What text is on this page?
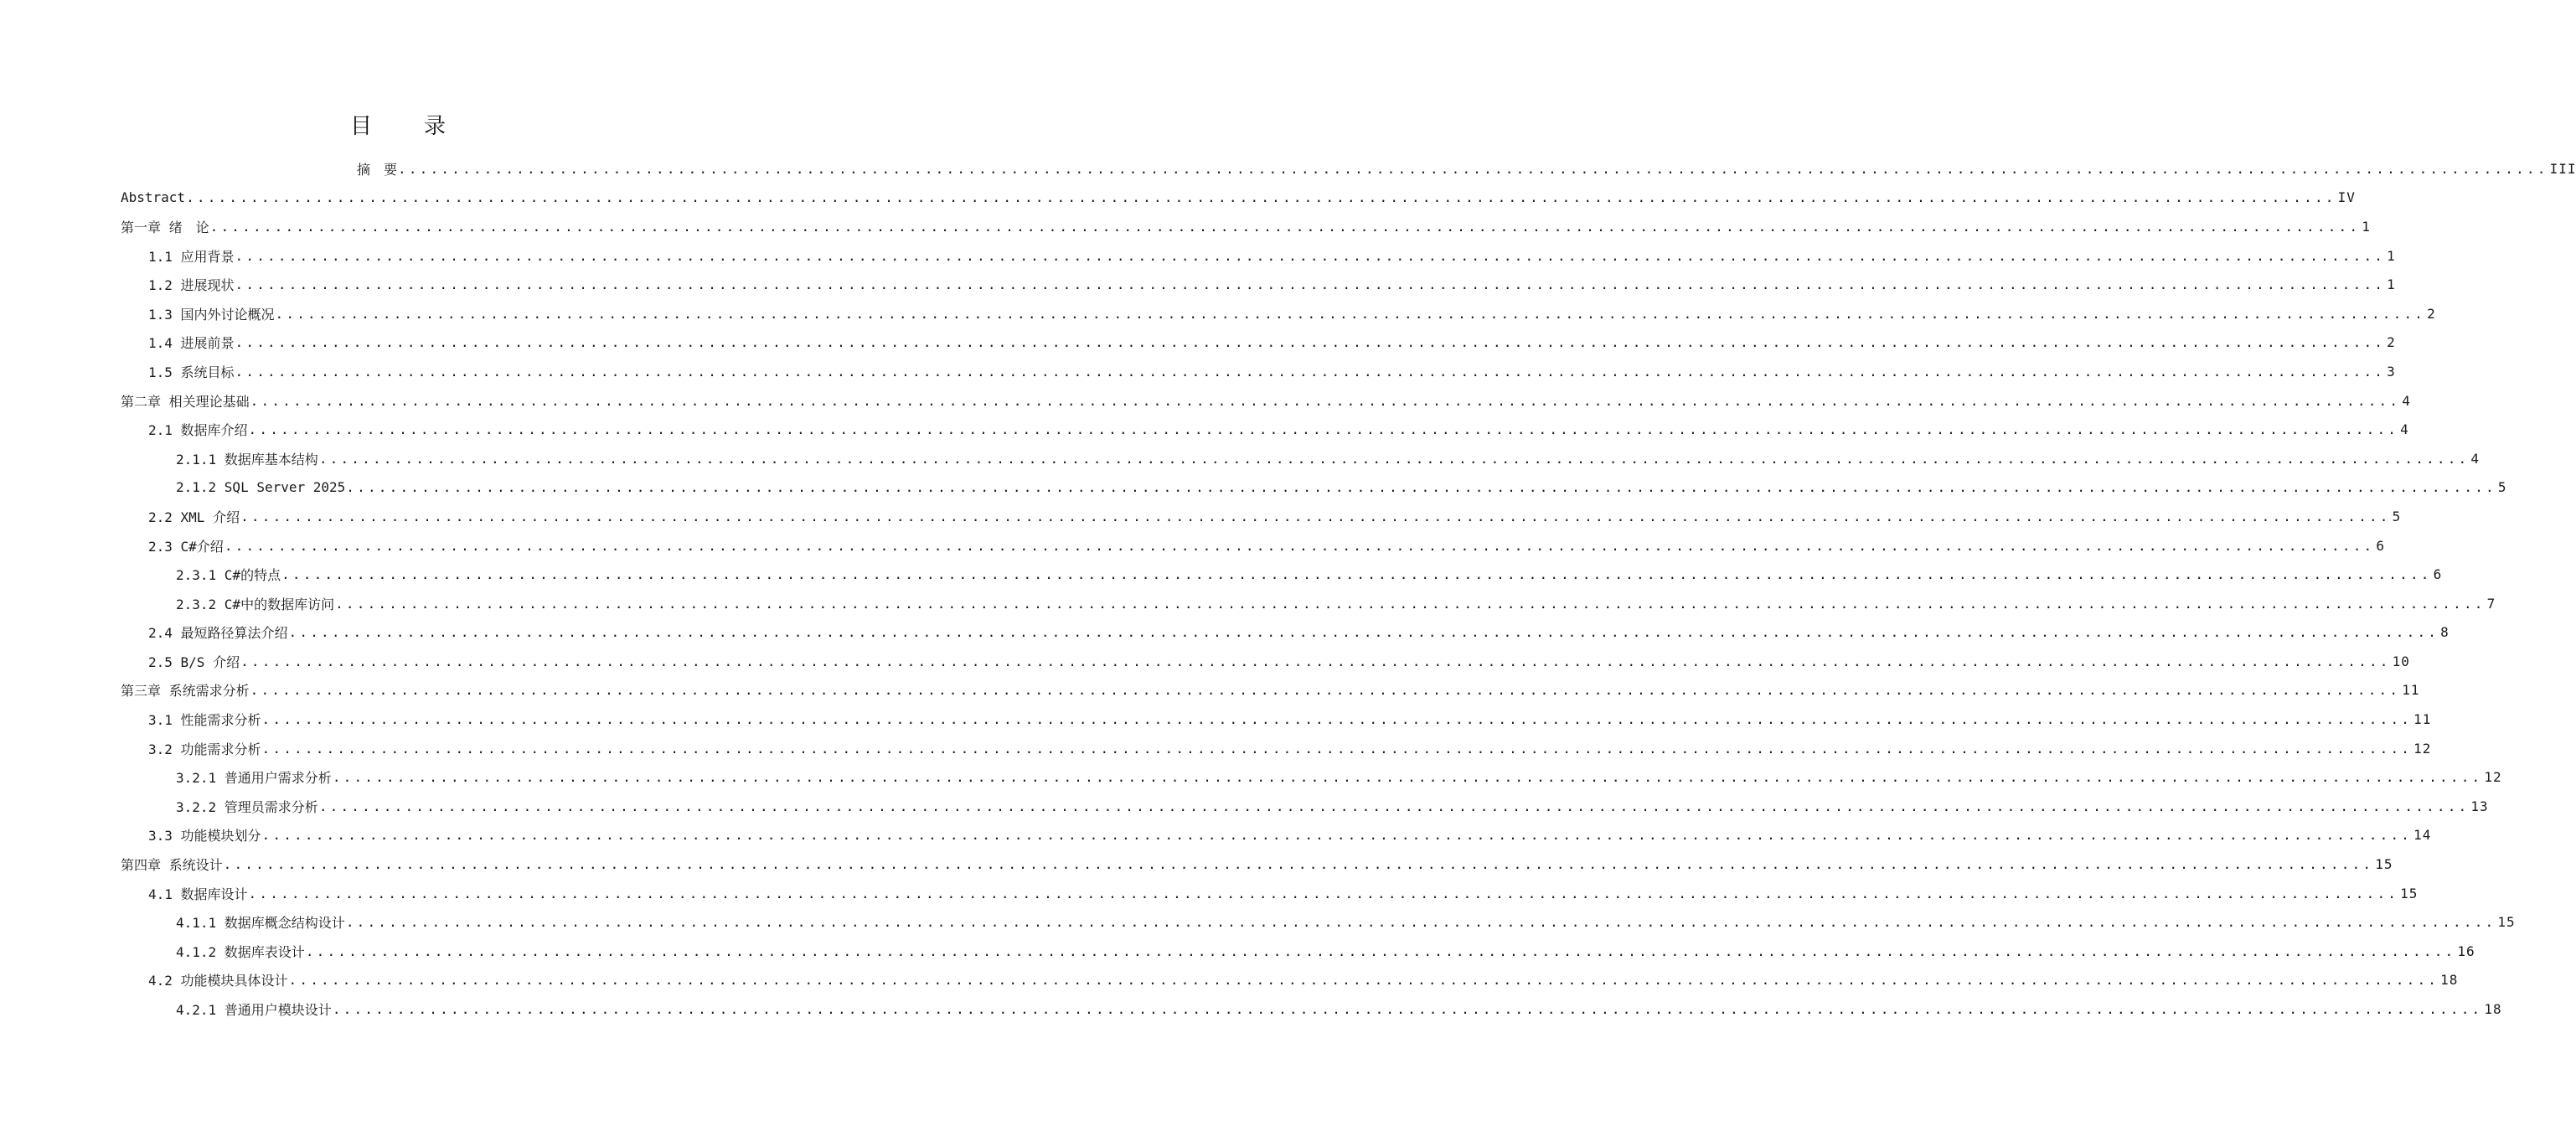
目　录
摘　要 ........................................................................................................................................................................................................ III
Abstract ........................................................................................................................................................................................................ IV
第一章 绪　论 ........................................................................................................................................................................................................ 1
1.1 应用背景 ........................................................................................................................................................................................................ 1
1.2 进展现状 ........................................................................................................................................................................................................ 1
1.3 国内外讨论概况 ........................................................................................................................................................................................................ 2
1.4 进展前景 ........................................................................................................................................................................................................ 2
1.5 系统目标 ........................................................................................................................................................................................................ 3
第二章 相关理论基础 ........................................................................................................................................................................................................ 4
2.1 数据库介绍 ........................................................................................................................................................................................................ 4
2.1.1 数据库基本结构 ........................................................................................................................................................................................................ 4
2.1.2 SQL Server 2025 ........................................................................................................................................................................................................ 5
2.2 XML 介绍 ........................................................................................................................................................................................................ 5
2.3 C#介绍 ........................................................................................................................................................................................................ 6
2.3.1 C#的特点 ........................................................................................................................................................................................................ 6
2.3.2 C#中的数据库访问 ........................................................................................................................................................................................................ 7
2.4 最短路径算法介绍 ........................................................................................................................................................................................................ 8
2.5 B/S 介绍 ........................................................................................................................................................................................................ 10
第三章 系统需求分析 ........................................................................................................................................................................................................ 11
3.1 性能需求分析 ........................................................................................................................................................................................................ 11
3.2 功能需求分析 ........................................................................................................................................................................................................ 12
3.2.1 普通用户需求分析 ........................................................................................................................................................................................................ 12
3.2.2 管理员需求分析 ........................................................................................................................................................................................................ 13
3.3 功能模块划分 ........................................................................................................................................................................................................ 14
第四章 系统设计 ........................................................................................................................................................................................................ 15
4.1 数据库设计 ........................................................................................................................................................................................................ 15
4.1.1 数据库概念结构设计 ........................................................................................................................................................................................................ 15
4.1.2 数据库表设计 ........................................................................................................................................................................................................ 16
4.2 功能模块具体设计 ........................................................................................................................................................................................................ 18
4.2.1 普通用户模块设计 ........................................................................................................................................................................................................ 18
